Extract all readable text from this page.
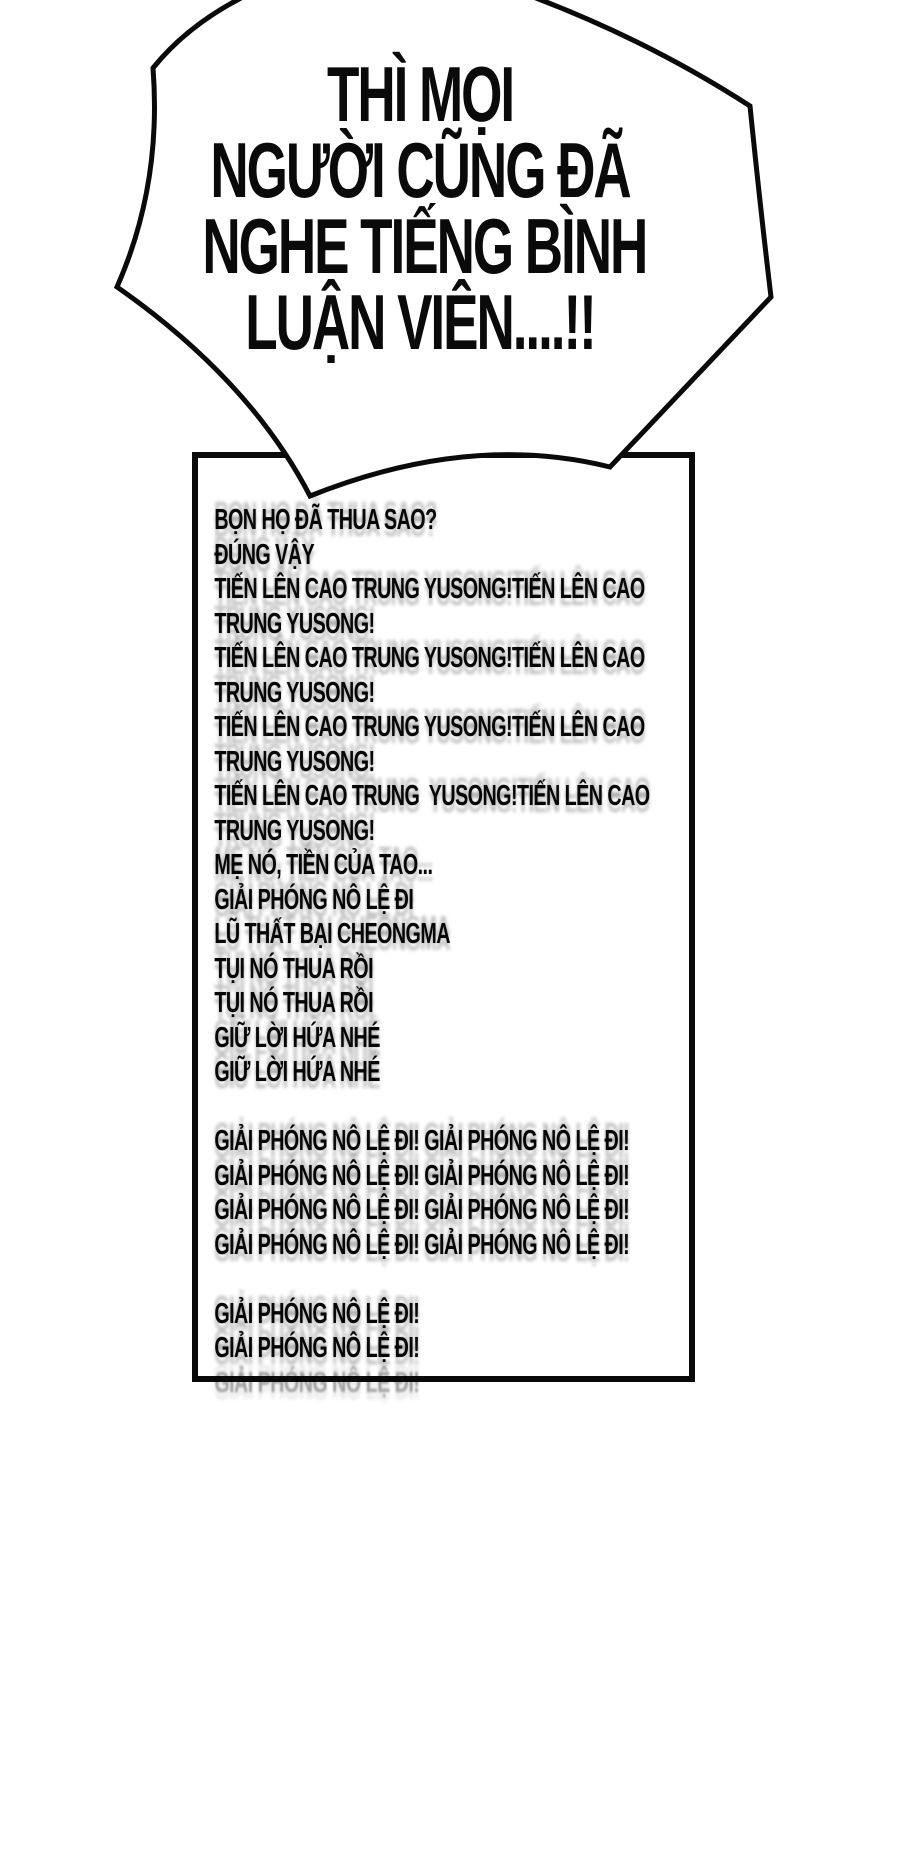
BỌN HỌ ĐÃ THUA SAO?
ĐÚNG VẬY
TIẾN LÊN CAO TRUNG YUSONG!TIẾN LÊN CAO
TRUNG YUSONG!
TIẾN LÊN CAO TRUNG YUSONG!TIẾN LÊN CAO
TRUNG YUSONG!
TIẾN LÊN CAO TRUNG YUSONG!TIẾN LÊN CAO
TRUNG YUSONG!
TIẾN LÊN CAO TRUNG  YUSONG!TIẾN LÊN CAO
TRUNG YUSONG!
MẸ NÓ, TIỀN CỦA TAO...
GIẢI PHÓNG NÔ LỆ ĐI
LŨ THẤT BẠI CHEONGMA
TỤI NÓ THUA RỒI
TỤI NÓ THUA RỒI
GIỮ LỜI HỨA NHÉ
GIỮ LỜI HỨA NHÉ

GIẢI PHÓNG NÔ LỆ ĐI! GIẢI PHÓNG NÔ LỆ ĐI!
GIẢI PHÓNG NÔ LỆ ĐI! GIẢI PHÓNG NÔ LỆ ĐI!
GIẢI PHÓNG NÔ LỆ ĐI! GIẢI PHÓNG NÔ LỆ ĐI!
GIẢI PHÓNG NÔ LỆ ĐI! GIẢI PHÓNG NÔ LỆ ĐI!

GIẢI PHÓNG NÔ LỆ ĐI!
GIẢI PHÓNG NÔ LỆ ĐI!
GIẢI PHÓNG NÔ LỆ ĐI!
THÌ MỌI
NGƯỜI CŨNG ĐÃ
NGHE TIẾNG BÌNH
LUẬN VIÊN....!!
